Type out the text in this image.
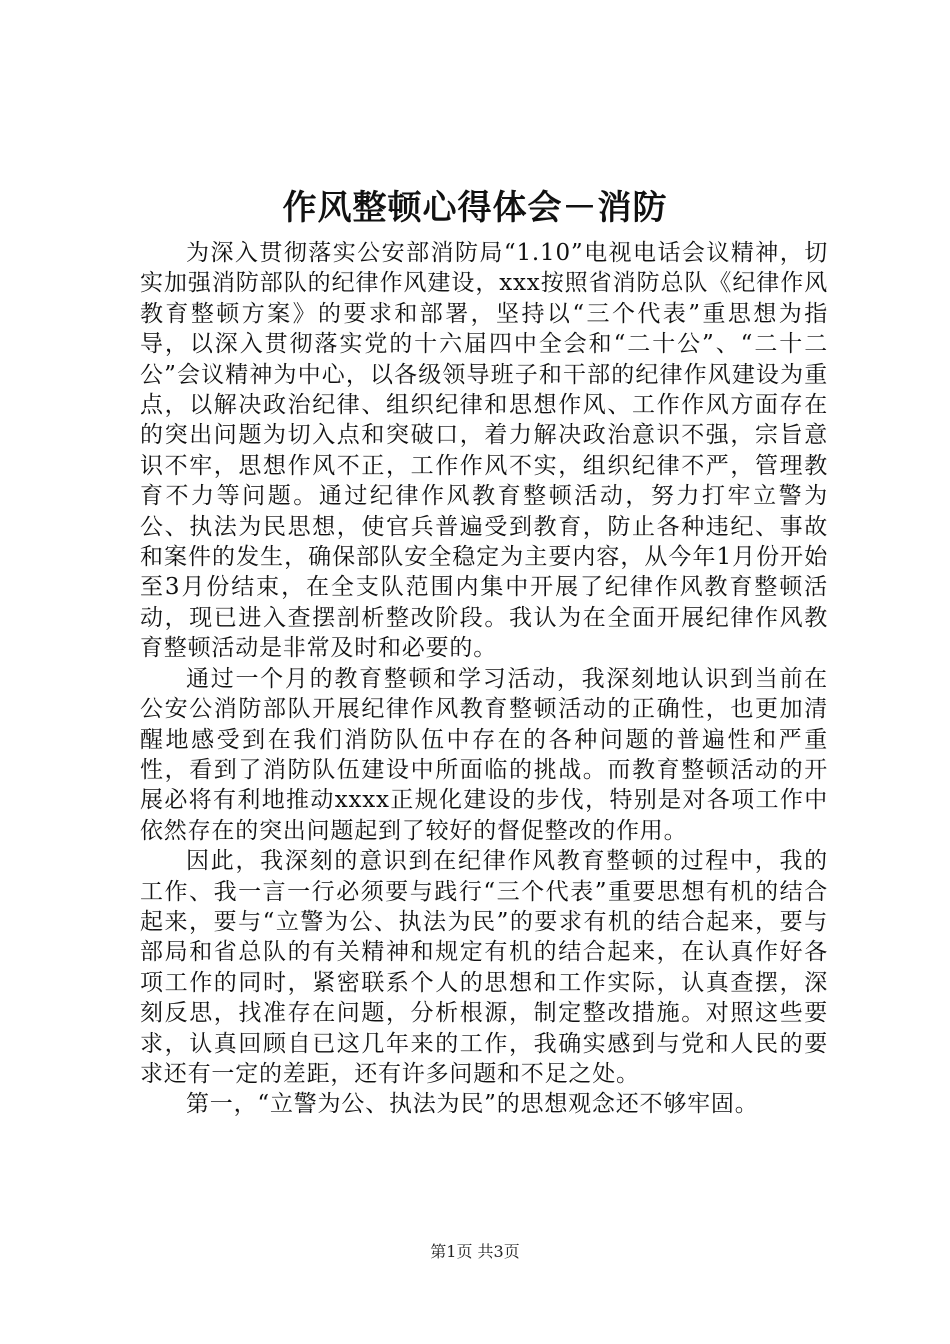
作风整顿心得体会－消防

为深入贯彻落实公安部消防局“1.10”电视电话会议精神，切实加强消防部队的纪律作风建设，xxx按照省消防总队《纪律作风教育整顿方案》的要求和部署，坚持以“三个代表”重思想为指导，以深入贯彻落实党的十六届四中全会和“二十公”、“二十二公”会议精神为中心，以各级领导班子和干部的纪律作风建设为重点，以解决政治纪律、组织纪律和思想作风、工作作风方面存在的突出问题为切入点和突破口，着力解决政治意识不强，宗旨意识不牢，思想作风不正，工作作风不实，组织纪律不严，管理教育不力等问题。通过纪律作风教育整顿活动，努力打牢立警为公、执法为民思想，使官兵普遍受到教育，防止各种违纪、事故和案件的发生，确保部队安全稳定为主要内容，从今年1月份开始至3月份结束，在全支队范围内集中开展了纪律作风教育整顿活动，现已进入查摆剖析整改阶段。我认为在全面开展纪律作风教育整顿活动是非常及时和必要的。

通过一个月的教育整顿和学习活动，我深刻地认识到当前在公安公消防部队开展纪律作风教育整顿活动的正确性，也更加清醒地感受到在我们消防队伍中存在的各种问题的普遍性和严重性，看到了消防队伍建设中所面临的挑战。而教育整顿活动的开展必将有利地推动xxxx正规化建设的步伐，特别是对各项工作中依然存在的突出问题起到了较好的督促整改的作用。

因此，我深刻的意识到在纪律作风教育整顿的过程中，我的工作、我一言一行必须要与践行“三个代表”重要思想有机的结合起来，要与“立警为公、执法为民”的要求有机的结合起来，要与部局和省总队的有关精神和规定有机的结合起来，在认真作好各项工作的同时，紧密联系个人的思想和工作实际，认真查摆，深刻反思，找准存在问题，分析根源，制定整改措施。对照这些要求，认真回顾自已这几年来的工作，我确实感到与党和人民的要求还有一定的差距，还有许多问题和不足之处。

第一，“立警为公、执法为民”的思想观念还不够牢固。

第1页 共3页
